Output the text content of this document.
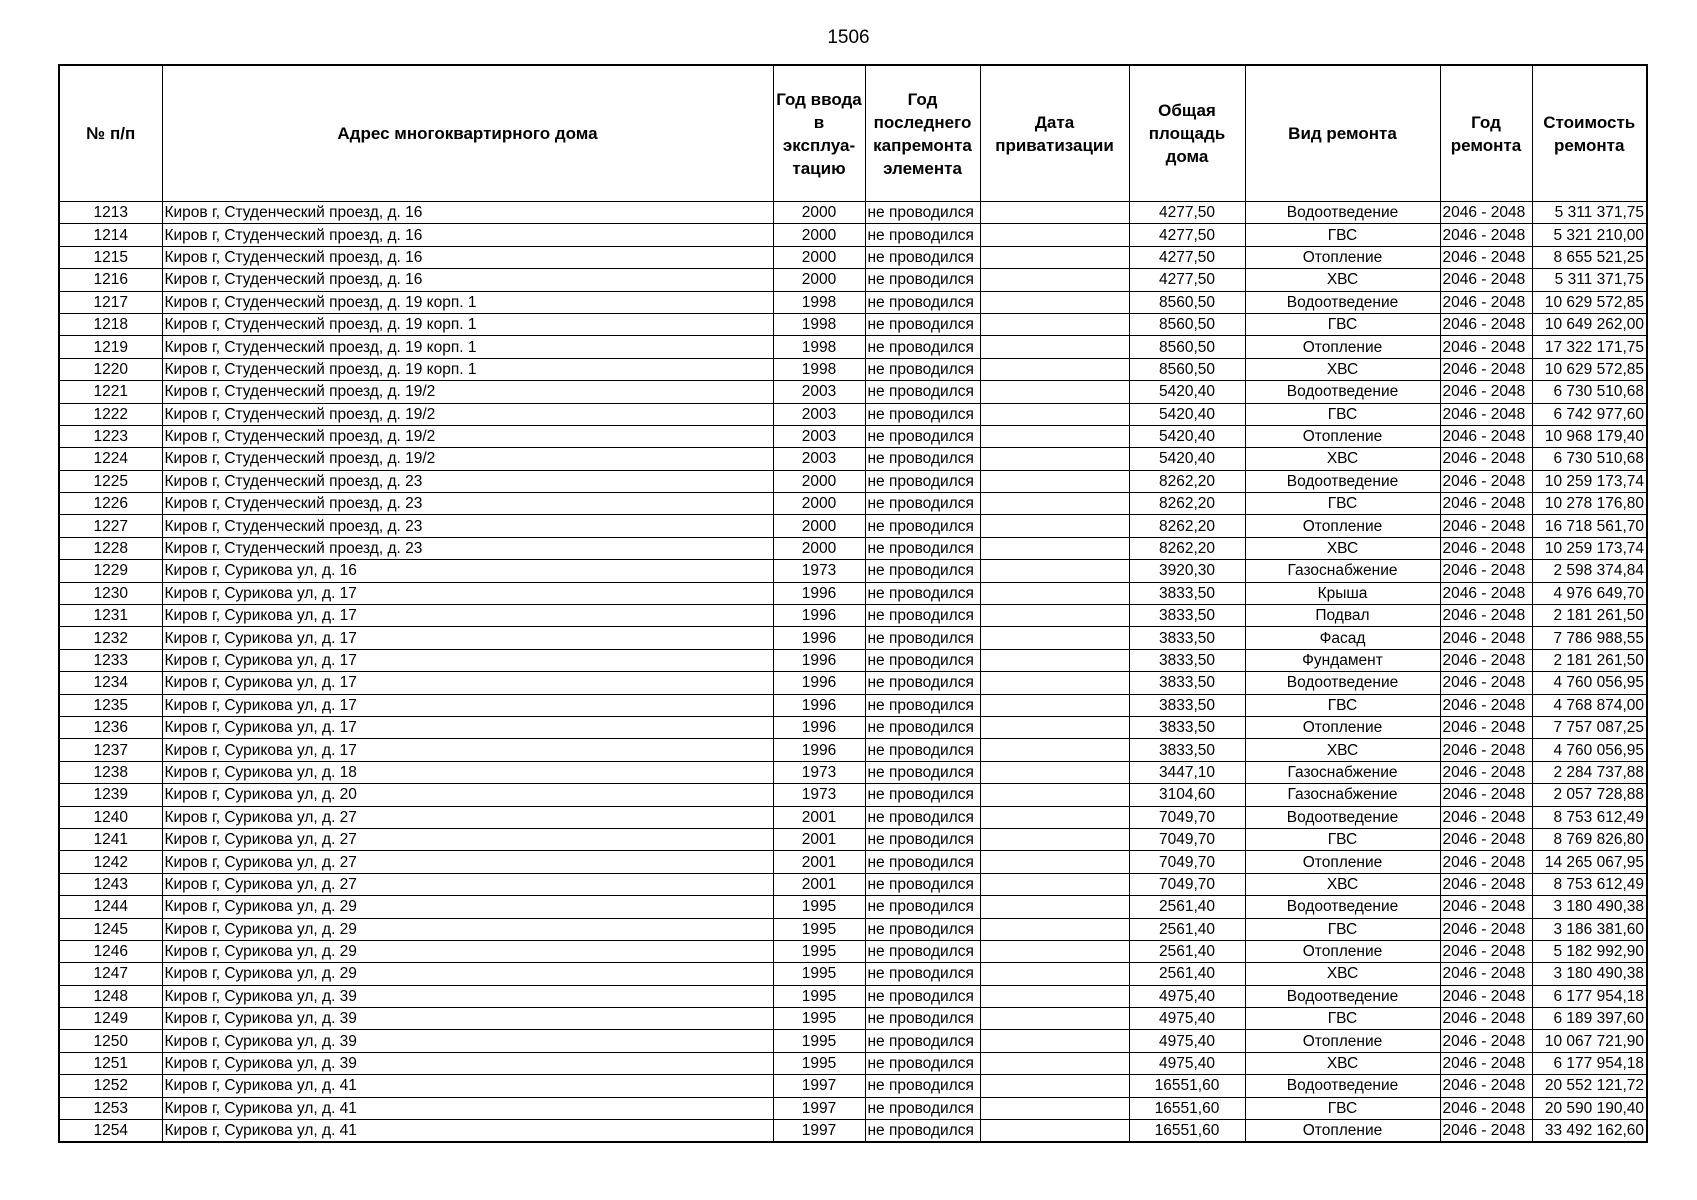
1506
№ п/п	Адрес многоквартирного дома	Год ввода в эксплуа-тацию	Год последнего капремонта элемента	Дата приватизации	Общая площадь дома	Вид ремонта	Год ремонта	Стоимость ремонта
1213	Киров г, Студенческий проезд, д. 16	2000	не проводился		4277,50	Водоотведение	2046 - 2048	5 311 371,75
1214	Киров г, Студенческий проезд, д. 16	2000	не проводился		4277,50	ГВС	2046 - 2048	5 321 210,00
1215	Киров г, Студенческий проезд, д. 16	2000	не проводился		4277,50	Отопление	2046 - 2048	8 655 521,25
1216	Киров г, Студенческий проезд, д. 16	2000	не проводился		4277,50	ХВС	2046 - 2048	5 311 371,75
1217	Киров г, Студенческий проезд, д. 19 корп. 1	1998	не проводился		8560,50	Водоотведение	2046 - 2048	10 629 572,85
1218	Киров г, Студенческий проезд, д. 19 корп. 1	1998	не проводился		8560,50	ГВС	2046 - 2048	10 649 262,00
1219	Киров г, Студенческий проезд, д. 19 корп. 1	1998	не проводился		8560,50	Отопление	2046 - 2048	17 322 171,75
1220	Киров г, Студенческий проезд, д. 19 корп. 1	1998	не проводился		8560,50	ХВС	2046 - 2048	10 629 572,85
1221	Киров г, Студенческий проезд, д. 19/2	2003	не проводился		5420,40	Водоотведение	2046 - 2048	6 730 510,68
1222	Киров г, Студенческий проезд, д. 19/2	2003	не проводился		5420,40	ГВС	2046 - 2048	6 742 977,60
1223	Киров г, Студенческий проезд, д. 19/2	2003	не проводился		5420,40	Отопление	2046 - 2048	10 968 179,40
1224	Киров г, Студенческий проезд, д. 19/2	2003	не проводился		5420,40	ХВС	2046 - 2048	6 730 510,68
1225	Киров г, Студенческий проезд, д. 23	2000	не проводился		8262,20	Водоотведение	2046 - 2048	10 259 173,74
1226	Киров г, Студенческий проезд, д. 23	2000	не проводился		8262,20	ГВС	2046 - 2048	10 278 176,80
1227	Киров г, Студенческий проезд, д. 23	2000	не проводился		8262,20	Отопление	2046 - 2048	16 718 561,70
1228	Киров г, Студенческий проезд, д. 23	2000	не проводился		8262,20	ХВС	2046 - 2048	10 259 173,74
1229	Киров г, Сурикова ул, д. 16	1973	не проводился		3920,30	Газоснабжение	2046 - 2048	2 598 374,84
1230	Киров г, Сурикова ул, д. 17	1996	не проводился		3833,50	Крыша	2046 - 2048	4 976 649,70
1231	Киров г, Сурикова ул, д. 17	1996	не проводился		3833,50	Подвал	2046 - 2048	2 181 261,50
1232	Киров г, Сурикова ул, д. 17	1996	не проводился		3833,50	Фасад	2046 - 2048	7 786 988,55
1233	Киров г, Сурикова ул, д. 17	1996	не проводился		3833,50	Фундамент	2046 - 2048	2 181 261,50
1234	Киров г, Сурикова ул, д. 17	1996	не проводился		3833,50	Водоотведение	2046 - 2048	4 760 056,95
1235	Киров г, Сурикова ул, д. 17	1996	не проводился		3833,50	ГВС	2046 - 2048	4 768 874,00
1236	Киров г, Сурикова ул, д. 17	1996	не проводился		3833,50	Отопление	2046 - 2048	7 757 087,25
1237	Киров г, Сурикова ул, д. 17	1996	не проводился		3833,50	ХВС	2046 - 2048	4 760 056,95
1238	Киров г, Сурикова ул, д. 18	1973	не проводился		3447,10	Газоснабжение	2046 - 2048	2 284 737,88
1239	Киров г, Сурикова ул, д. 20	1973	не проводился		3104,60	Газоснабжение	2046 - 2048	2 057 728,88
1240	Киров г, Сурикова ул, д. 27	2001	не проводился		7049,70	Водоотведение	2046 - 2048	8 753 612,49
1241	Киров г, Сурикова ул, д. 27	2001	не проводился		7049,70	ГВС	2046 - 2048	8 769 826,80
1242	Киров г, Сурикова ул, д. 27	2001	не проводился		7049,70	Отопление	2046 - 2048	14 265 067,95
1243	Киров г, Сурикова ул, д. 27	2001	не проводился		7049,70	ХВС	2046 - 2048	8 753 612,49
1244	Киров г, Сурикова ул, д. 29	1995	не проводился		2561,40	Водоотведение	2046 - 2048	3 180 490,38
1245	Киров г, Сурикова ул, д. 29	1995	не проводился		2561,40	ГВС	2046 - 2048	3 186 381,60
1246	Киров г, Сурикова ул, д. 29	1995	не проводился		2561,40	Отопление	2046 - 2048	5 182 992,90
1247	Киров г, Сурикова ул, д. 29	1995	не проводился		2561,40	ХВС	2046 - 2048	3 180 490,38
1248	Киров г, Сурикова ул, д. 39	1995	не проводился		4975,40	Водоотведение	2046 - 2048	6 177 954,18
1249	Киров г, Сурикова ул, д. 39	1995	не проводился		4975,40	ГВС	2046 - 2048	6 189 397,60
1250	Киров г, Сурикова ул, д. 39	1995	не проводился		4975,40	Отопление	2046 - 2048	10 067 721,90
1251	Киров г, Сурикова ул, д. 39	1995	не проводился		4975,40	ХВС	2046 - 2048	6 177 954,18
1252	Киров г, Сурикова ул, д. 41	1997	не проводился		16551,60	Водоотведение	2046 - 2048	20 552 121,72
1253	Киров г, Сурикова ул, д. 41	1997	не проводился		16551,60	ГВС	2046 - 2048	20 590 190,40
1254	Киров г, Сурикова ул, д. 41	1997	не проводился		16551,60	Отопление	2046 - 2048	33 492 162,60
